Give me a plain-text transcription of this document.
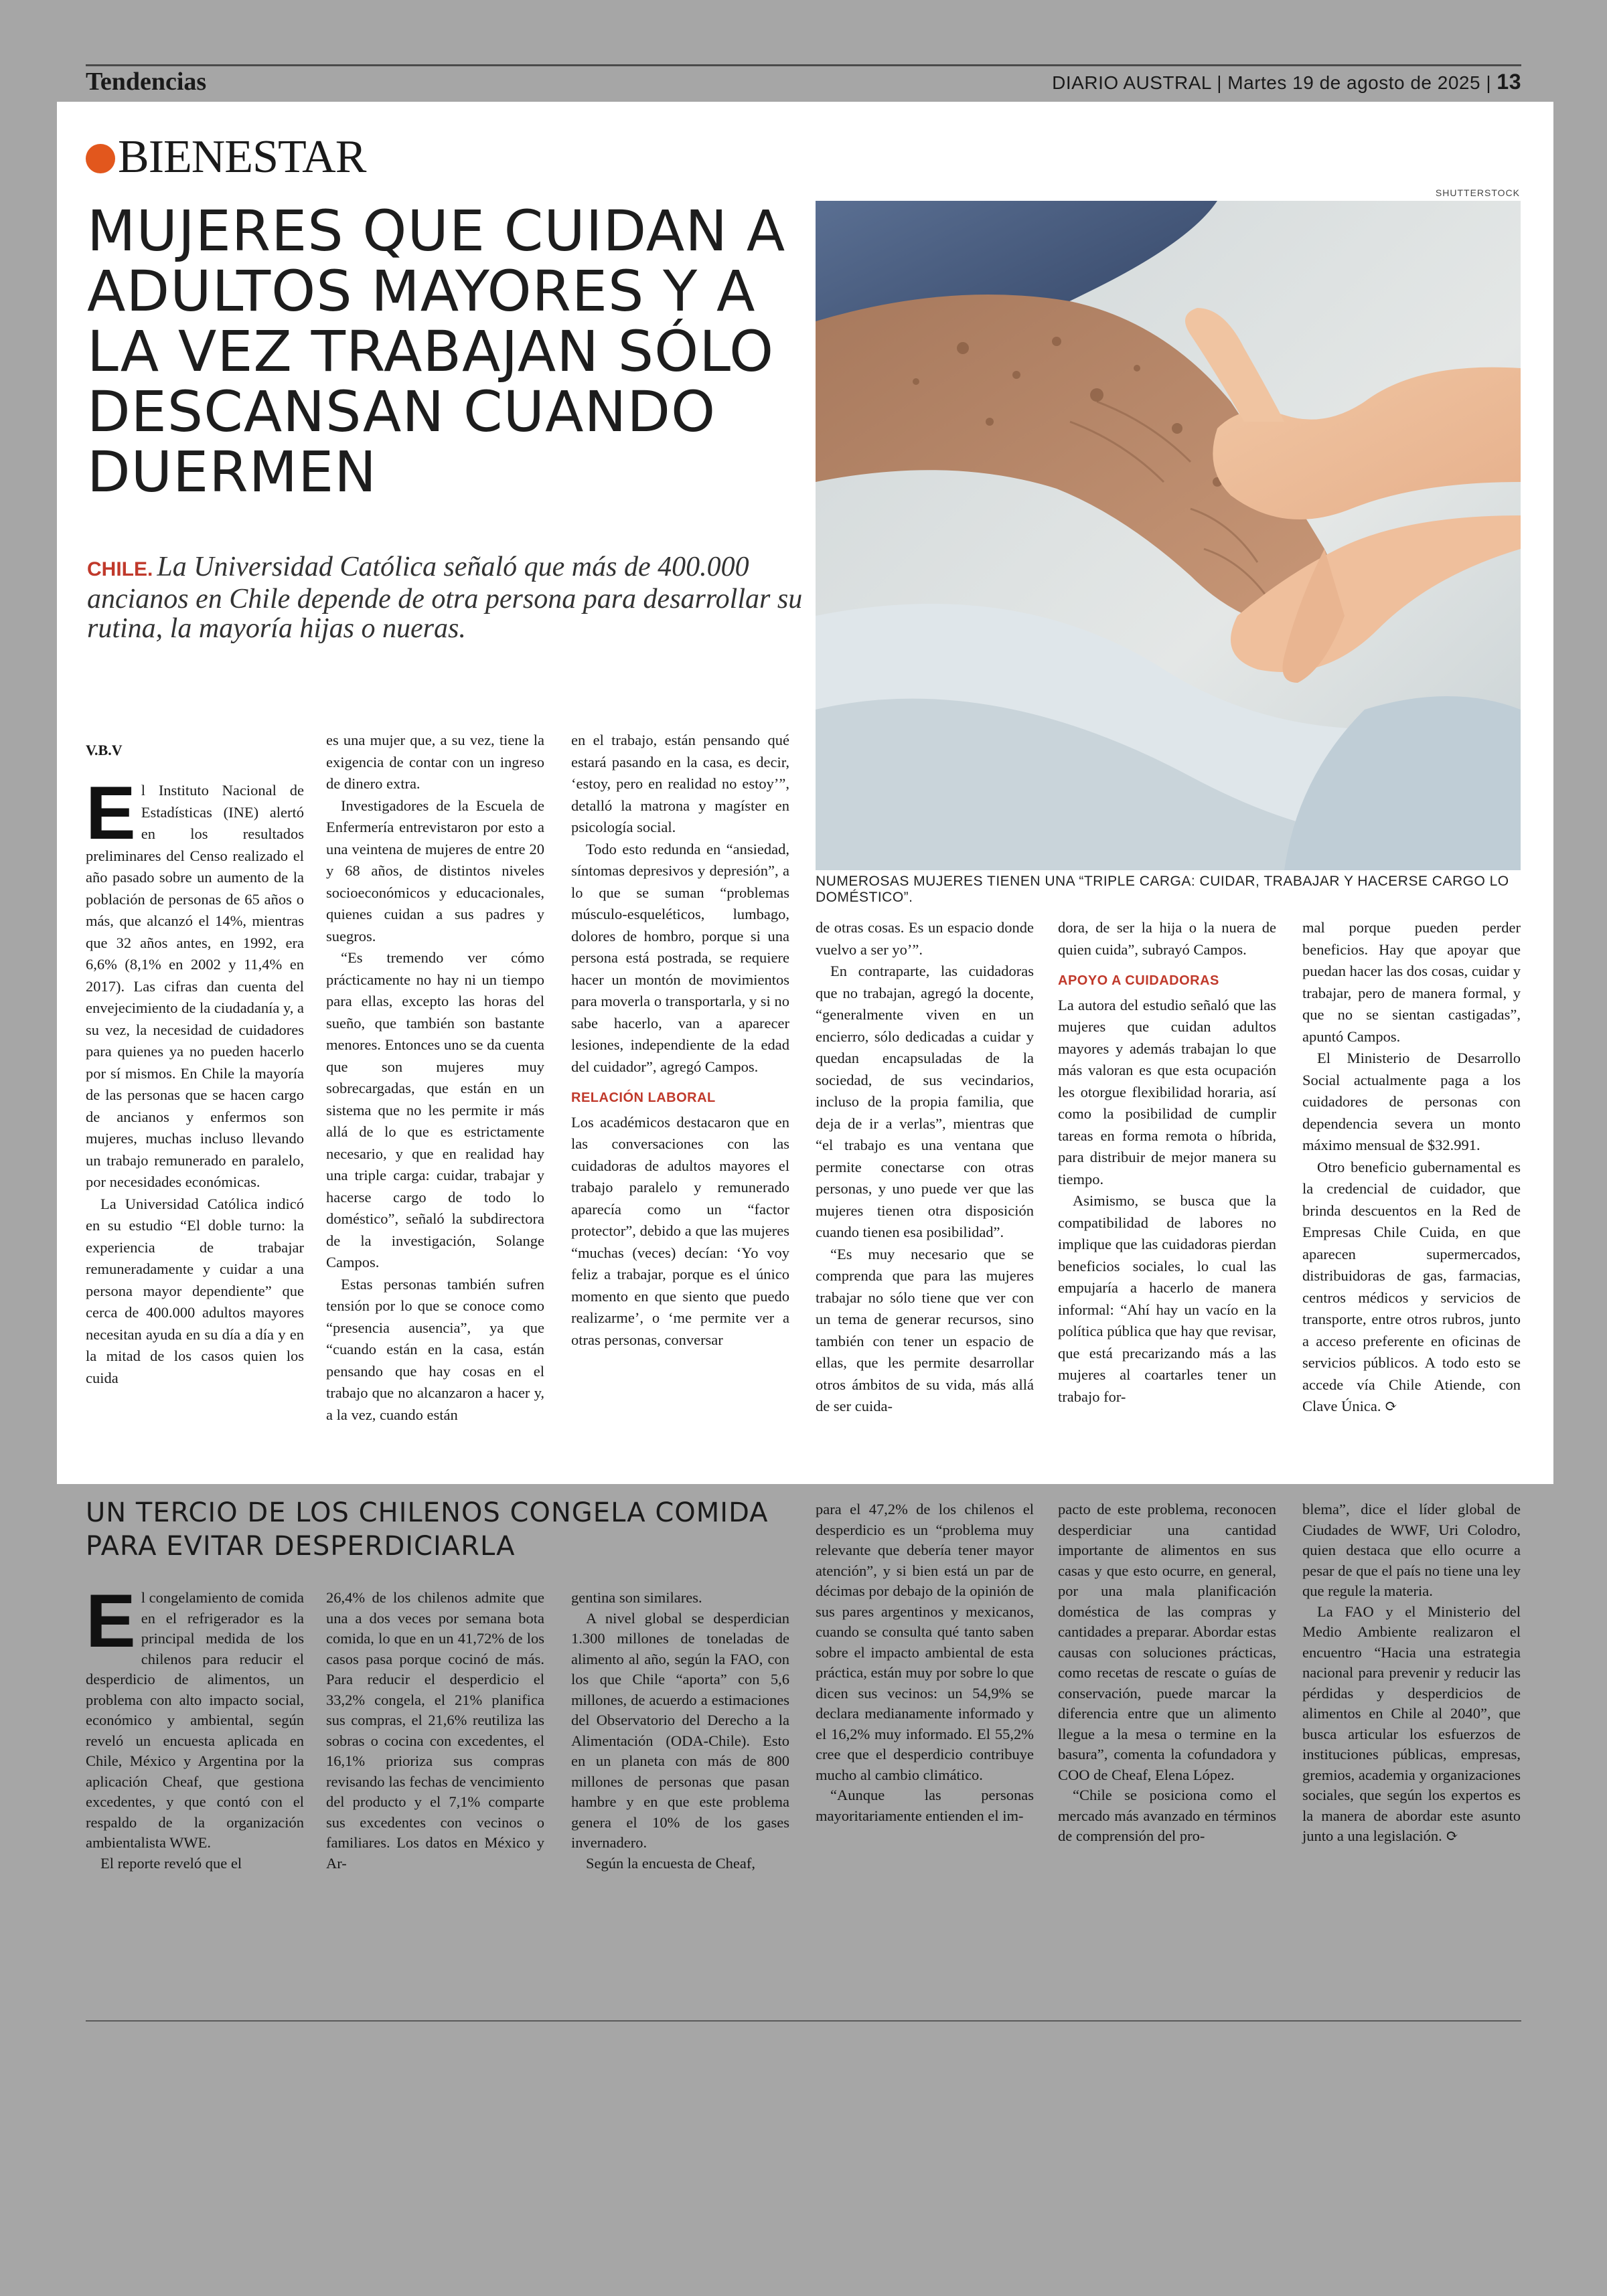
Tendencias	DIARIO AUSTRAL | Martes 19 de agosto de 2025 | 13
BIENESTAR
MUJERES QUE CUIDAN A ADULTOS MAYORES Y A LA VEZ TRABAJAN SÓLO DESCANSAN CUANDO DUERMEN
CHILE. La Universidad Católica señaló que más de 400.000 ancianos en Chile depende de otra persona para desarrollar su rutina, la mayoría hijas o nueras.
SHUTTERSTOCK
NUMEROSAS MUJERES TIENEN UNA “TRIPLE CARGA: CUIDAR, TRABAJAR Y HACERSE CARGO LO DOMÉSTICO”.
V.B.V

El Instituto Nacional de Estadísticas (INE) alertó en los resultados preliminares del Censo realizado el año pasado sobre un aumento de la población de personas de 65 años o más, que alcanzó el 14%, mientras que 32 años antes, en 1992, era 6,6% (8,1% en 2002 y 11,4% en 2017). Las cifras dan cuenta del envejecimiento de la ciudadanía y, a su vez, la necesidad de cuidadores para quienes ya no pueden hacerlo por sí mismos. En Chile la mayoría de las personas que se hacen cargo de ancianos y enfermos son mujeres, muchas incluso llevando un trabajo remunerado en paralelo, por necesidades económicas.

La Universidad Católica indicó en su estudio “El doble turno: la experiencia de trabajar remuneradamente y cuidar a una persona mayor dependiente” que cerca de 400.000 adultos mayores necesitan ayuda en su día a día y en la mitad de los casos quien los cuida

es una mujer que, a su vez, tiene la exigencia de contar con un ingreso de dinero extra.

Investigadores de la Escuela de Enfermería entrevistaron por esto a una veintena de mujeres de entre 20 y 68 años, de distintos niveles socioeconómicos y educacionales, quienes cuidan a sus padres y suegros.

“Es tremendo ver cómo prácticamente no hay ni un tiempo para ellas, excepto las horas del sueño, que también son bastante menores. Entonces uno se da cuenta que son mujeres muy sobrecargadas, que están en un sistema que no les permite ir más allá de lo que es estrictamente necesario, y que en realidad hay una triple carga: cuidar, trabajar y hacerse cargo de todo lo doméstico”, señaló la subdirectora de la investigación, Solange Campos.

Estas personas también sufren tensión por lo que se conoce como “presencia ausencia”, ya que “cuando están en la casa, están pensando que hay cosas en el trabajo que no alcanzaron a hacer y, a la vez, cuando están

en el trabajo, están pensando qué estará pasando en la casa, es decir, ‘estoy, pero en realidad no estoy’”, detalló la matrona y magíster en psicología social.

Todo esto redunda en “ansiedad, síntomas depresivos y depresión”, a lo que se suman “problemas músculo-esqueléticos, lumbago, dolores de hombro, porque si una persona está postrada, se requiere hacer un montón de movimientos para moverla o transportarla, y si no sabe hacerlo, van a aparecer lesiones, independiente de la edad del cuidador”, agregó Campos.

RELACIÓN LABORAL

Los académicos destacaron que en las conversaciones con las cuidadoras de adultos mayores el trabajo paralelo y remunerado aparecía como un “factor protector”, debido a que las mujeres “muchas (veces) decían: ‘Yo voy feliz a trabajar, porque es el único momento en que siento que puedo realizarme’, o ‘me permite ver a otras personas, conversar

de otras cosas. Es un espacio donde vuelvo a ser yo’”.

En contraparte, las cuidadoras que no trabajan, agregó la docente, “generalmente viven en un encierro, sólo dedicadas a cuidar y quedan encapsuladas de la sociedad, de sus vecindarios, incluso de la propia familia, que deja de ir a verlas”, mientras que “el trabajo es una ventana que permite conectarse con otras personas, y uno puede ver que las mujeres tienen otra disposición cuando tienen esa posibilidad”.

“Es muy necesario que se comprenda que para las mujeres trabajar no sólo tiene que ver con un tema de generar recursos, sino también con tener un espacio de ellas, que les permite desarrollar otros ámbitos de su vida, más allá de ser cuida-

dora, de ser la hija o la nuera de quien cuida”, subrayó Campos.

APOYO A CUIDADORAS

La autora del estudio señaló que las mujeres que cuidan adultos mayores y además trabajan lo que más valoran es que esta ocupación les otorgue flexibilidad horaria, así como la posibilidad de cumplir tareas en forma remota o híbrida, para distribuir de mejor manera su tiempo.

Asimismo, se busca que la compatibilidad de labores no implique que las cuidadoras pierdan beneficios sociales, lo cual las empujaría a hacerlo de manera informal: “Ahí hay un vacío en la política pública que hay que revisar, que está precarizando más a las mujeres al coartarles tener un trabajo for-

mal porque pueden perder beneficios. Hay que apoyar que puedan hacer las dos cosas, cuidar y trabajar, pero de manera formal, y que no se sientan castigadas”, apuntó Campos.

El Ministerio de Desarrollo Social actualmente paga a los cuidadores de personas con dependencia severa un monto máximo mensual de $32.991.

Otro beneficio gubernamental es la credencial de cuidador, que brinda descuentos en la Red de Empresas Chile Cuida, en que aparecen supermercados, distribuidoras de gas, farmacias, centros médicos y servicios de transporte, entre otros rubros, junto a acceso preferente en oficinas de servicios públicos. A todo esto se accede vía Chile Atiende, con Clave Única. ⟳

UN TERCIO DE LOS CHILENOS CONGELA COMIDA PARA EVITAR DESPERDICIARLA

El congelamiento de comida en el refrigerador es la principal medida de los chilenos para reducir el desperdicio de alimentos, un problema con alto impacto social, económico y ambiental, según reveló un encuesta aplicada en Chile, México y Argentina por la aplicación Cheaf, que gestiona excedentes, y que contó con el respaldo de la organización ambientalista WWE.

El reporte reveló que el

26,4% de los chilenos admite que una a dos veces por semana bota comida, lo que en un 41,72% de los casos pasa porque cocinó de más. Para reducir el desperdicio el 33,2% congela, el 21% planifica sus compras, el 21,6% reutiliza las sobras o cocina con excedentes, el 16,1% prioriza sus compras revisando las fechas de vencimiento del producto y el 7,1% comparte sus excedentes con vecinos o familiares. Los datos en México y Ar-

gentina son similares.

A nivel global se desperdician 1.300 millones de toneladas de alimento al año, según la FAO, con los que Chile “aporta” con 5,6 millones, de acuerdo a estimaciones del Observatorio del Derecho a la Alimentación (ODA-Chile). Esto en un planeta con más de 800 millones de personas que pasan hambre y en que este problema genera el 10% de los gases invernadero.

Según la encuesta de Cheaf,

para el 47,2% de los chilenos el desperdicio es un “problema muy relevante que debería tener mayor atención”, y si bien está un par de décimas por debajo de la opinión de sus pares argentinos y mexicanos, cuando se consulta qué tanto saben sobre el impacto ambiental de esta práctica, están muy por sobre lo que dicen sus vecinos: un 54,9% se declara medianamente informado y el 16,2% muy informado. El 55,2% cree que el desperdicio contribuye mucho al cambio climático.

“Aunque las personas mayoritariamente entienden el im-

pacto de este problema, reconocen desperdiciar una cantidad importante de alimentos en sus casas y que esto ocurre, en general, por una mala planificación doméstica de las compras y cantidades a preparar. Abordar estas causas con soluciones prácticas, como recetas de rescate o guías de conservación, puede marcar la diferencia entre que un alimento llegue a la mesa o termine en la basura”, comenta la cofundadora y COO de Cheaf, Elena López.

“Chile se posiciona como el mercado más avanzado en términos de comprensión del pro-

blema”, dice el líder global de Ciudades de WWF, Uri Colodro, quien destaca que ello ocurre a pesar de que el país no tiene una ley que regule la materia.

La FAO y el Ministerio del Medio Ambiente realizaron el encuentro “Hacia una estrategia nacional para prevenir y reducir las pérdidas y desperdicios de alimentos en Chile al 2040”, que busca articular los esfuerzos de instituciones públicas, empresas, gremios, academia y organizaciones sociales, que según los expertos es la manera de abordar este asunto junto a una legislación. ⟳
